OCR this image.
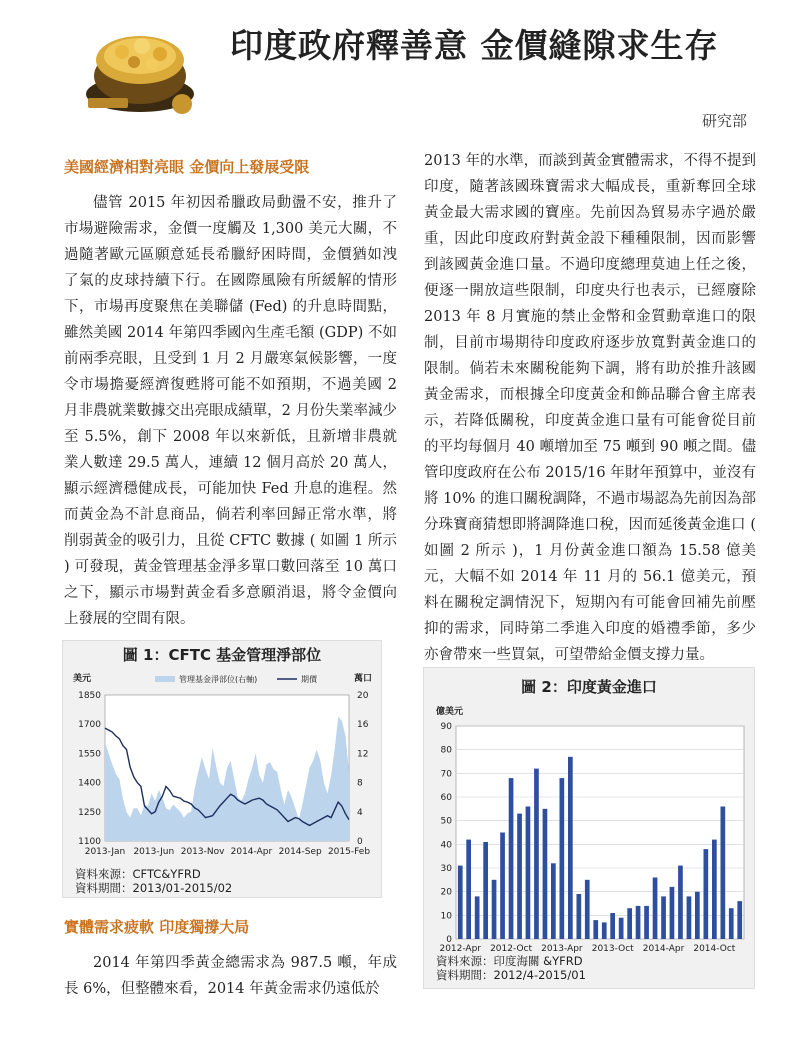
印度政府釋善意 金價縫隙求生存
研究部
美國經濟相對亮眼 金價向上發展受限

儘管 2015 年初因希臘政局動盪不安，推升了市場避險需求，金價一度觸及 1,300 美元大關，不過隨著歐元區願意延長希臘紓困時間，金價猶如洩了氣的皮球持續下行。在國際風險有所緩解的情形下，市場再度聚焦在美聯儲 (Fed) 的升息時間點，雖然美國 2014 年第四季國內生產毛額 (GDP) 不如前兩季亮眼，且受到 1 月 2 月嚴寒氣候影響，一度令市場擔憂經濟復甦將可能不如預期，不過美國 2 月非農就業數據交出亮眼成績單，2 月份失業率減少至 5.5%，創下 2008 年以來新低，且新增非農就業人數達 29.5 萬人，連續 12 個月高於 20 萬人，顯示經濟穩健成長，可能加快 Fed 升息的進程。然而黃金為不計息商品，倘若利率回歸正常水準，將削弱黃金的吸引力，且從 CFTC 數據 ( 如圖 1 所示 ) 可發現，黃金管理基金淨多單口數回落至 10 萬口之下，顯示市場對黃金看多意願消退，將令金價向上發展的空間有限。

圖 1：CFTC 基金管理淨部位
美元	萬口
管理基金淨部位(右軸)	期價
1100
1250
1400
1550
1700
1850
0
4
8
12
16
20
2013-Jan 2013-Jun 2013-Nov 2014-Apr 2014-Sep 2015-Feb
資料來源：CFTC&YFRD
資料期間：2013/01-2015/02
實體需求疲軟 印度獨撐大局

2014 年第四季黃金總需求為 987.5 噸，年成長 6%，但整體來看，2014 年黃金需求仍遠低於

2013 年的水準，而談到黃金實體需求，不得不提到印度，隨著該國珠寶需求大幅成長，重新奪回全球黃金最大需求國的寶座。先前因為貿易赤字過於嚴重，因此印度政府對黃金設下種種限制，因而影響到該國黃金進口量。不過印度總理莫迪上任之後，便逐一開放這些限制，印度央行也表示，已經廢除 2013 年 8 月實施的禁止金幣和金質勳章進口的限制，目前市場期待印度政府逐步放寬對黃金進口的限制。倘若未來關稅能夠下調，將有助於推升該國黃金需求，而根據全印度黃金和飾品聯合會主席表示，若降低關稅，印度黃金進口量有可能會從目前的平均每個月 40 噸增加至 75 噸到 90 噸之間。儘管印度政府在公布 2015/16 年財年預算中，並沒有將 10% 的進口關稅調降，不過市場認為先前因為部分珠寶商猜想即將調降進口稅，因而延後黃金進口 ( 如圖 2 所示 )，1 月份黃金進口額為 15.58 億美元，大幅不如 2014 年 11 月的 56.1 億美元，預料在關稅定調情況下，短期內有可能會回補先前壓抑的需求，同時第二季進入印度的婚禮季節，多少亦會帶來一些買氣，可望帶給金價支撐力量。

圖 2：印度黃金進口
億美元
0
10
20
30
40
50
60
70
80
90
2012-Apr 2012-Oct 2013-Apr 2013-Oct 2014-Apr 2014-Oct
資料來源：印度海關 &YFRD
資料期間：2012/4-2015/01
